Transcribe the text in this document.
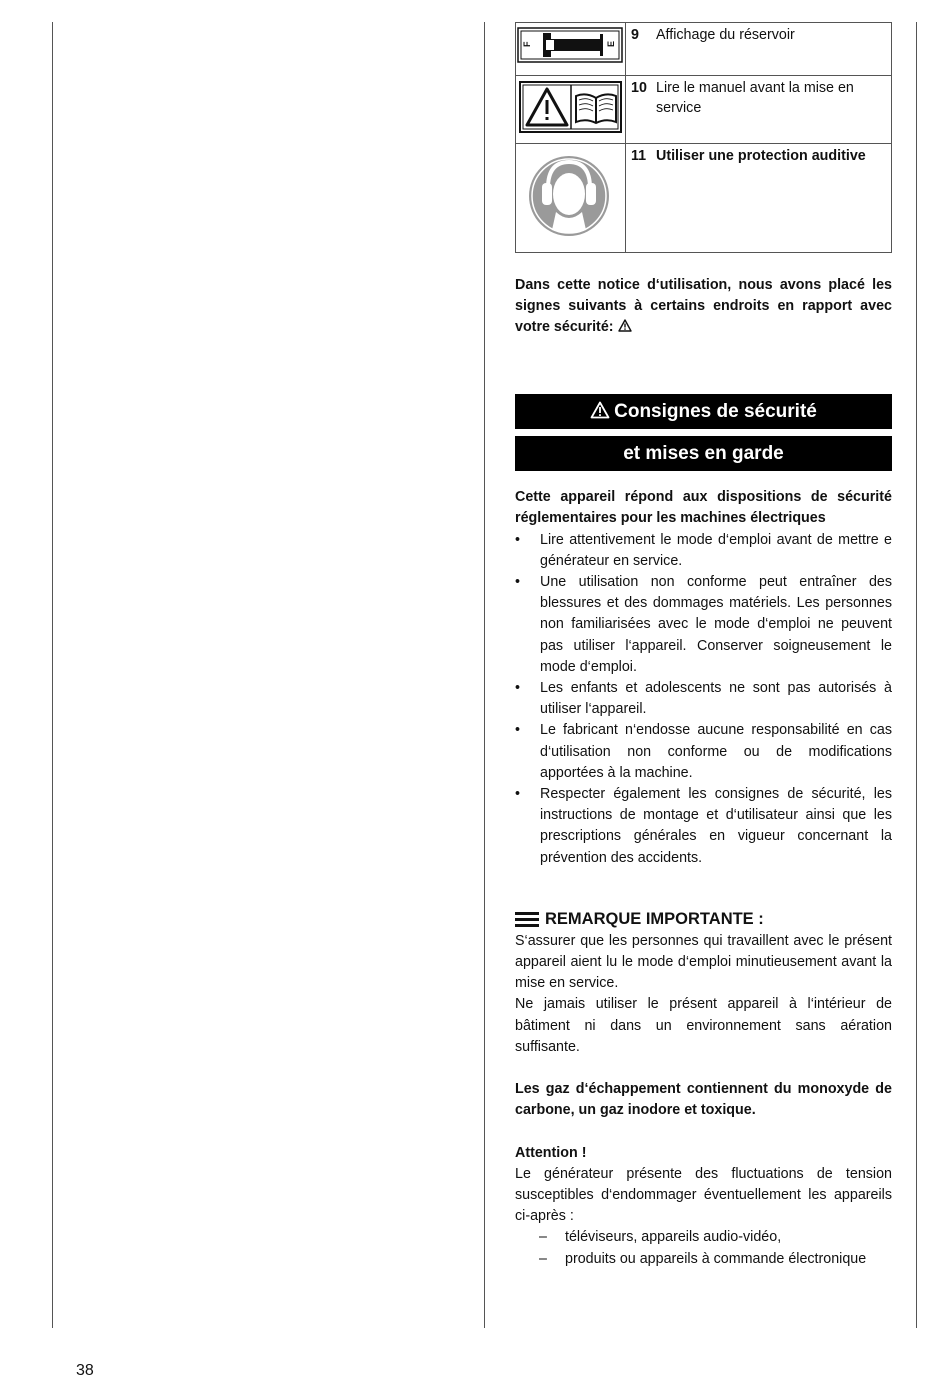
F E	9 Affichage du réservoir
	10 Lire le manuel avant la mise en service
	11 Utiliser une protection auditive

Dans cette notice d‘utilisation, nous avons placé les signes suivants à certains endroits en rapport avec votre sécurité:

Consignes de sécurité
et mises en garde

Cette appareil répond aux dispositions de sécurité réglementaires pour les machines électriques

• Lire attentivement le mode d‘emploi avant de mettre e générateur en service.
• Une utilisation non conforme peut entraîner des blessures et des dommages matériels. Les personnes non familiarisées avec le mode d‘emploi ne peuvent pas utiliser l‘appareil. Conserver soigneusement le mode d‘emploi.
• Les enfants et adolescents ne sont pas autorisés à utiliser l‘appareil.
• Le fabricant n‘endosse aucune responsabilité en cas d‘utilisation non conforme ou de modifications apportées à la machine.
• Respecter également les consignes de sécurité, les instructions de montage et d‘utilisateur ainsi que les prescriptions générales en vigueur concernant la prévention des accidents.
REMARQUE IMPORTANTE :

S‘assurer que les personnes qui travaillent avec le présent appareil aient lu le mode d‘emploi minutieusement avant la mise en service.

Ne jamais utiliser le présent appareil à l‘intérieur de bâtiment ni dans un environnement sans aération suffisante.

Les gaz d‘échappement contiennent du monoxyde de carbone, un gaz inodore et toxique.

Attention !

Le générateur présente des fluctuations de tension susceptibles d‘endommager éventuellement les appareils ci-après :

– téléviseurs, appareils audio-vidéo,
– produits ou appareils à commande électronique
38
